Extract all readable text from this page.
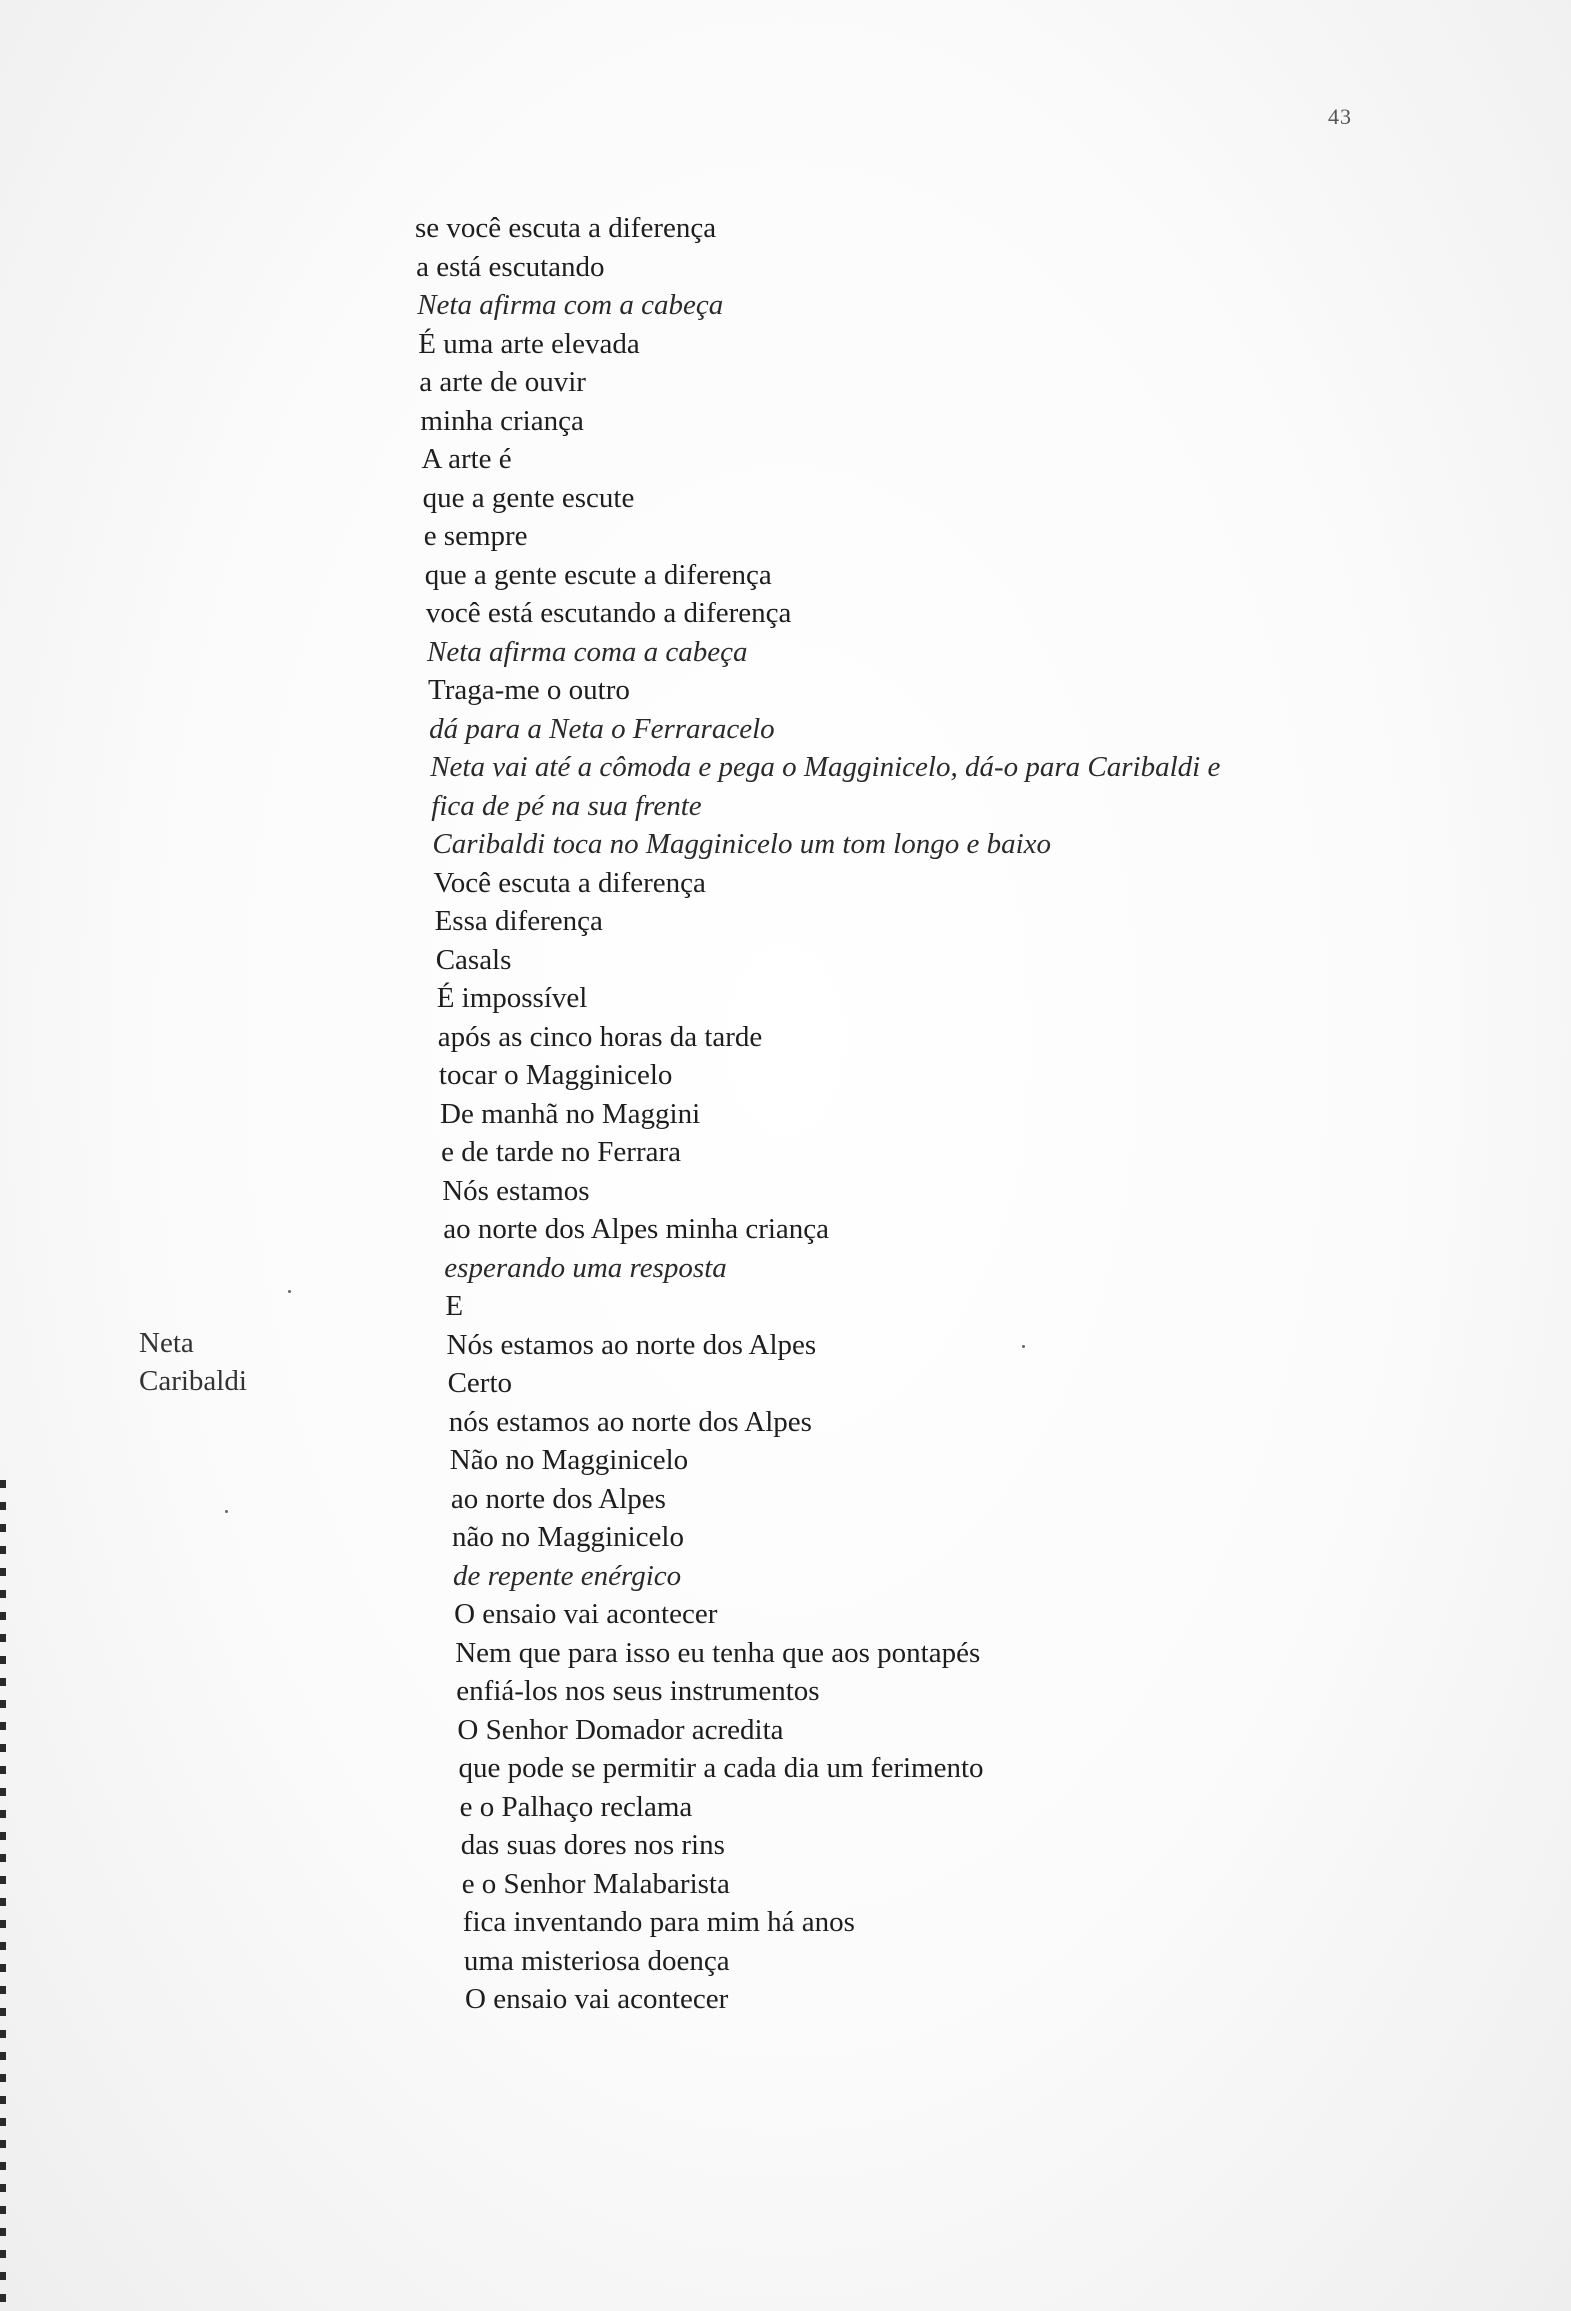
43
Neta
Caribaldi
se você escuta a diferença
a está escutando
Neta afirma com a cabeça
É uma arte elevada
a arte de ouvir
minha criança
A arte é
que a gente escute
e sempre
que a gente escute a diferença
você está escutando a diferença
Neta afirma coma a cabeça
Traga-me o outro
dá para a Neta o Ferraracelo
Neta vai até a cômoda e pega o Magginicelo, dá-o para Caribaldi e
fica de pé na sua frente
Caribaldi toca no Magginicelo um tom longo e baixo
Você escuta a diferença
Essa diferença
Casals
É impossível
após as cinco horas da tarde
tocar o Magginicelo
De manhã no Maggini
e de tarde no Ferrara
Nós estamos
ao norte dos Alpes minha criança
esperando uma resposta
E
Nós estamos ao norte dos Alpes
Certo
nós estamos ao norte dos Alpes
Não no Magginicelo
ao norte dos Alpes
não no Magginicelo
de repente enérgico
O ensaio vai acontecer
Nem que para isso eu tenha que aos pontapés
enfiá-los nos seus instrumentos
O Senhor Domador acredita
que pode se permitir a cada dia um ferimento
e o Palhaço reclama
das suas dores nos rins
e o Senhor Malabarista
fica inventando para mim há anos
uma misteriosa doença
O ensaio vai acontecer
